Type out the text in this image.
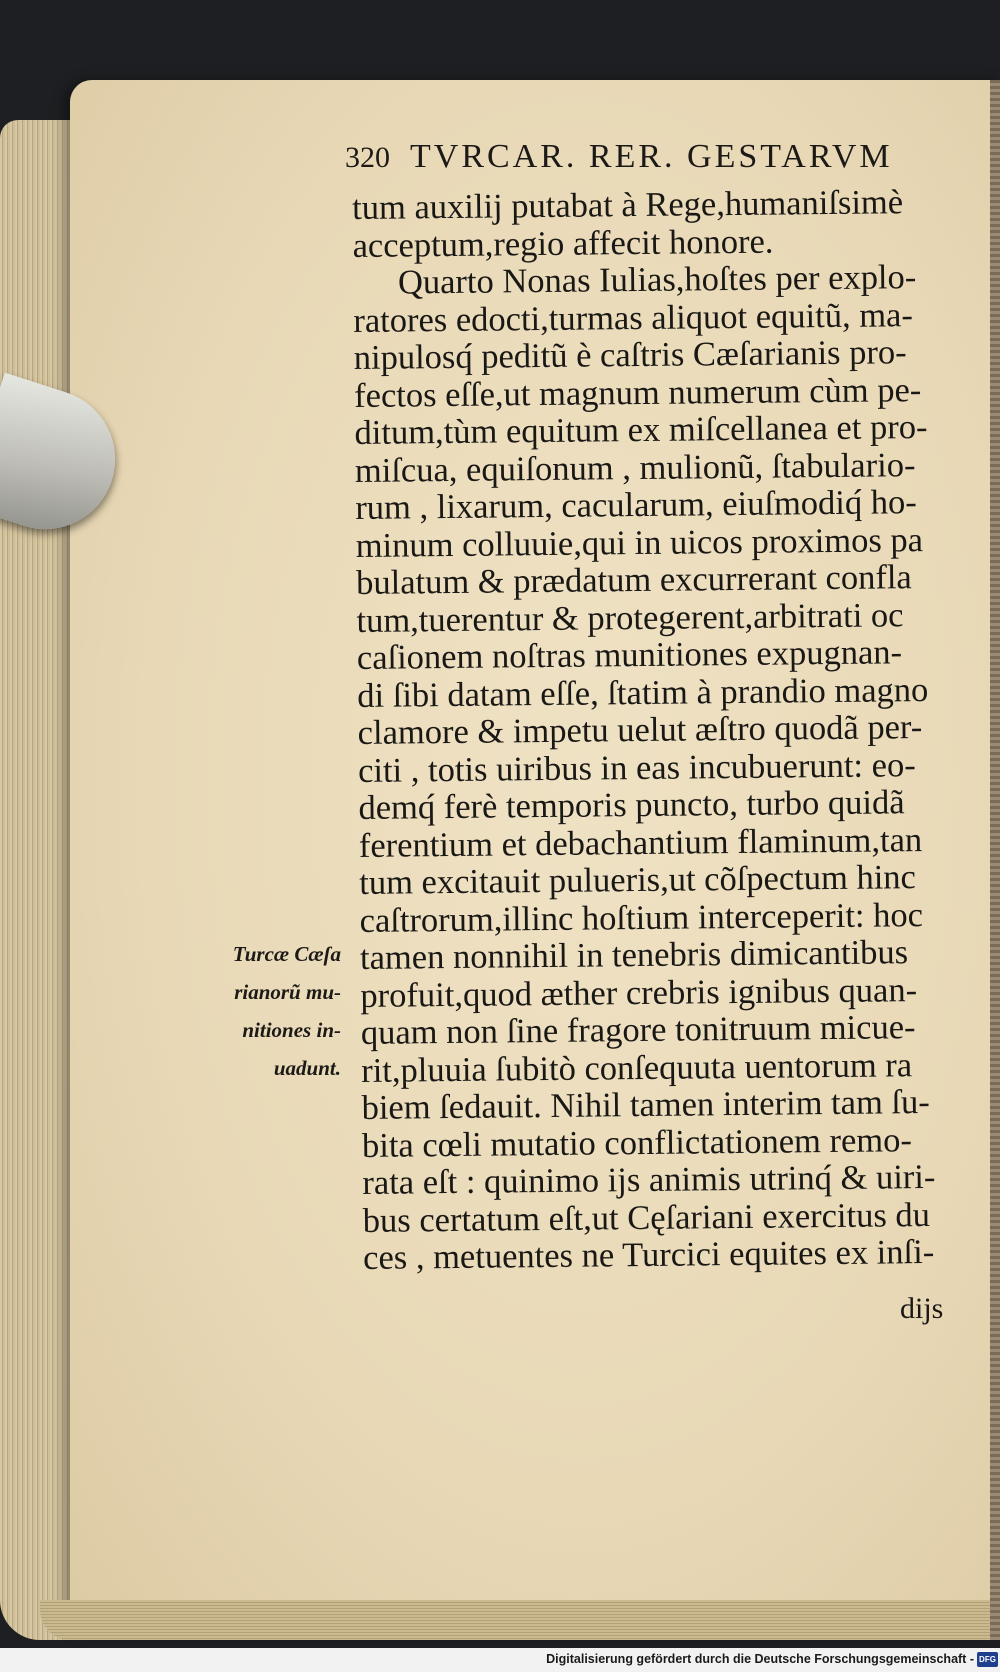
320 TVRCAR. RER. GESTARVM
tum auxilij putabat à Rege,humaniſsimè
acceptum,regio affecit honore.
Quarto Nonas Iulias,hoſtes per explo-
ratores edocti,turmas aliquot equitũ, ma-
nipulosq́ peditũ è caſtris Cæſarianis pro-
fectos eſſe,ut magnum numerum cùm pe-
ditum,tùm equitum ex miſcellanea et pro-
miſcua, equiſonum , mulionũ, ſtabulario-
rum , lixarum, cacularum, eiuſmodiq́ ho-
minum colluuie,qui in uicos proximos pa
bulatum & prædatum excurrerant confla
tum,tuerentur & protegerent,arbitrati oc
caſionem noſtras munitiones expugnan-
di ſibi datam eſſe, ſtatim à prandio magno
clamore & impetu uelut æſtro quodã per-
citi , totis uiribus in eas incubuerunt: eo-
demq́ ferè temporis puncto, turbo quidã
ferentium et debachantium flaminum,tan
tum excitauit pulueris,ut cõſpectum hinc
caſtrorum,illinc hoſtium interceperit: hoc
tamen nonnihil in tenebris dimicantibus
profuit,quod æther crebris ignibus quan-
quam non ſine fragore tonitruum micue-
rit,pluuia ſubitò conſequuta uentorum ra
biem ſedauit. Nihil tamen interim tam ſu-
bita cœli mutatio conflictationem remo-
rata eſt : quinimo ijs animis utrinq́ & uiri-
bus certatum eſt,ut Cęſariani exercitus du
ces , metuentes ne Turcici equites ex inſi-
Turcæ Cæſa
rianorũ mu-
nitiones in-
uadunt.
dijs
Digitalisierung gefördert durch die Deutsche Forschungsgemeinschaft - DFG
